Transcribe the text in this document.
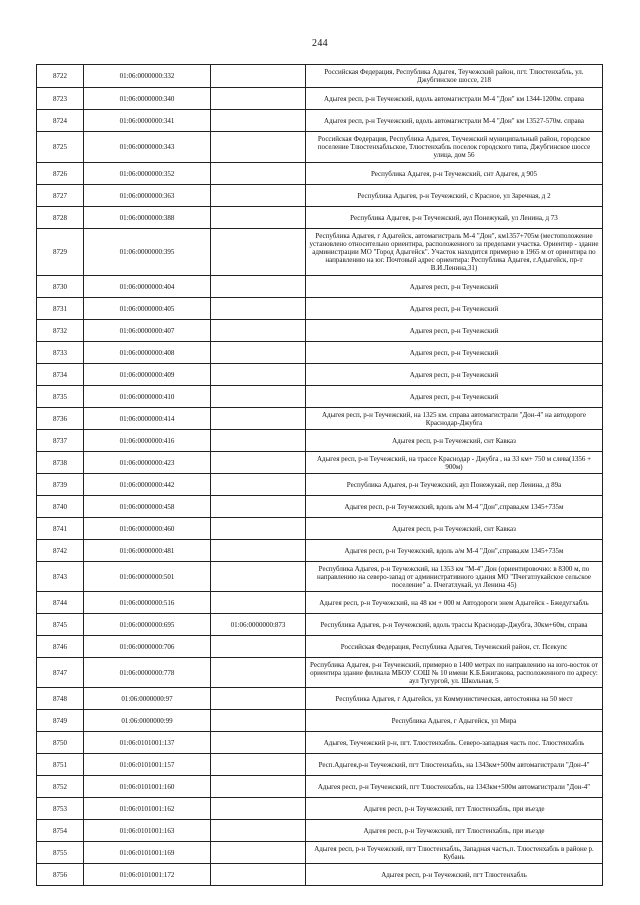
244
8722	01:06:0000000:332		Российская Федерация, Республика Адыгея, Теучежский район, пгт. Тлюстенхабль, ул. Джубгинское шоссе, 218
8723	01:06:0000000:340		Адыгея респ, р-н Теучежский, вдоль автомагистрали М-4 "Дон" км 1344-1200м. справа
8724	01:06:0000000:341		Адыгея респ, р-н Теучежский, вдоль автомагистрали М-4 "Дон" км 13527-570м. справа
8725	01:06:0000000:343		Российская Федерация, Республика Адыгея, Теучежский муниципальный район, городское поселение Тлюстенхабльское, Тлюстенхабль поселок городского типа, Джубгинское шоссе улица, дом 56
8726	01:06:0000000:352		Республика Адыгея, р-н Теучежский, снт Адыгея, д 905
8727	01:06:0000000:363		Республика Адыгея, р-н Теучежский, с Красное, ул Заречная, д 2
8728	01:06:0000000:388		Республика Адыгея, р-н Теучежский, аул Понежукай, ул Ленина, д 73
8729	01:06:0000000:395		Республика Адыгея, г Адыгейск, автомагистраль М-4 "Дон", км1357+705м (местоположение установлено относительно ориентира, расположенного за пределами участка. Ориентир - здание администрации МО "Город Адыгейск". Участок находится примерно в 1965 м от ориентира по направлению на юг. Почтовый адрес ориентира: Республика Адыгея, г.Адыгейск, пр-т В.И.Ленина,31)
8730	01:06:0000000:404		Адыгея респ, р-н Теучежский
8731	01:06:0000000:405		Адыгея респ, р-н Теучежский
8732	01:06:0000000:407		Адыгея респ, р-н Теучежский
8733	01:06:0000000:408		Адыгея респ, р-н Теучежский
8734	01:06:0000000:409		Адыгея респ, р-н Теучежский
8735	01:06:0000000:410		Адыгея респ, р-н Теучежский
8736	01:06:0000000:414		Адыгея респ, р-н Теучежский, на 1325 км. справа автомагистрали "Дон-4" на автодороге Краснодар-Джубга
8737	01:06:0000000:416		Адыгея респ, р-н Теучежский, снт Кавказ
8738	01:06:0000000:423		Адыгея респ, р-н Теучежский, на трассе Краснодар - Джубга , на 33 км+ 750 м слева(1356 + 900м)
8739	01:06:0000000:442		Республика Адыгея, р-н Теучежский, аул Понежукай, пер Ленина, д 89а
8740	01:06:0000000:458		Адыгея респ, р-н Теучежский, вдоль а/м М-4 "Дон",справа,км 1345+735м
8741	01:06:0000000:460		Адыгея респ, р-н Теучежский, снт Кавказ
8742	01:06:0000000:481		Адыгея респ, р-н Теучежский, вдоль а/м М-4 "Дон",справа,км 1345+735м
8743	01:06:0000000:501		Республика Адыгея, р-н Теучежский, на 1353 км "М-4" Дон (ориентировочно: в 8300 м, по направлению на северо-запад от административного здания МО "Пчегатлукайское сельское поселение" а. Пчегатлукай, ул Ленина 45)
8744	01:06:0000000:516		Адыгея респ, р-н Теучежский, на 48 км + 000 м Автодороги энем Адыгейск - Бжедугхабль
8745	01:06:0000000:695	01:06:0000000:873	Республика Адыгея, р-н Теучежский, вдоль трассы Краснодар-Джубга, 30км+60м, справа
8746	01:06:0000000:706		Российская Федерация, Республика Адыгея, Теучежский район, ст. Псекупс
8747	01:06:0000000:778		Республика Адыгея, р-н Теучежский, примерно в 1400 метрах по направлению на юго-восток от ориентира здание филиала МБОУ СОШ № 10 имени К.Б.Бжигакова, расположенного по адресу: аул Тугургой, ул. Школьная, 5
8748	01:06:0000000:97		Республика Адыгея, г Адыгейск, ул Коммунистическая, автостоянка на 50 мест
8749	01:06:0000000:99		Республика Адыгея, г Адыгейск, ул Мира
8750	01:06:0101001:137		Адыгея, Теучежский р-н, пгт. Тлюстенхабль. Северо-западная часть пос. Тлюстенхабль
8751	01:06:0101001:157		Респ.Адыгея,р-н Теучежский, пгт Тлюстенхабль, на 1343км+500м автомагистрали "Дон-4"
8752	01:06:0101001:160		Адыгея респ, р-н Теучежский, пгт Тлюстенхабль, на 1343км+500м автомагистрали "Дон-4"
8753	01:06:0101001:162		Адыгея респ, р-н Теучежский, пгт Тлюстенхабль, при въезде
8754	01:06:0101001:163		Адыгея респ, р-н Теучежский, пгт Тлюстенхабль, при въезде
8755	01:06:0101001:169		Адыгея респ, р-н Теучежский, пгт Тлюстенхабль, Западная часть,п. Тлюстенхабль в районе р. Кубань
8756	01:06:0101001:172		Адыгея респ, р-н Теучежский, пгт Тлюстенхабль
